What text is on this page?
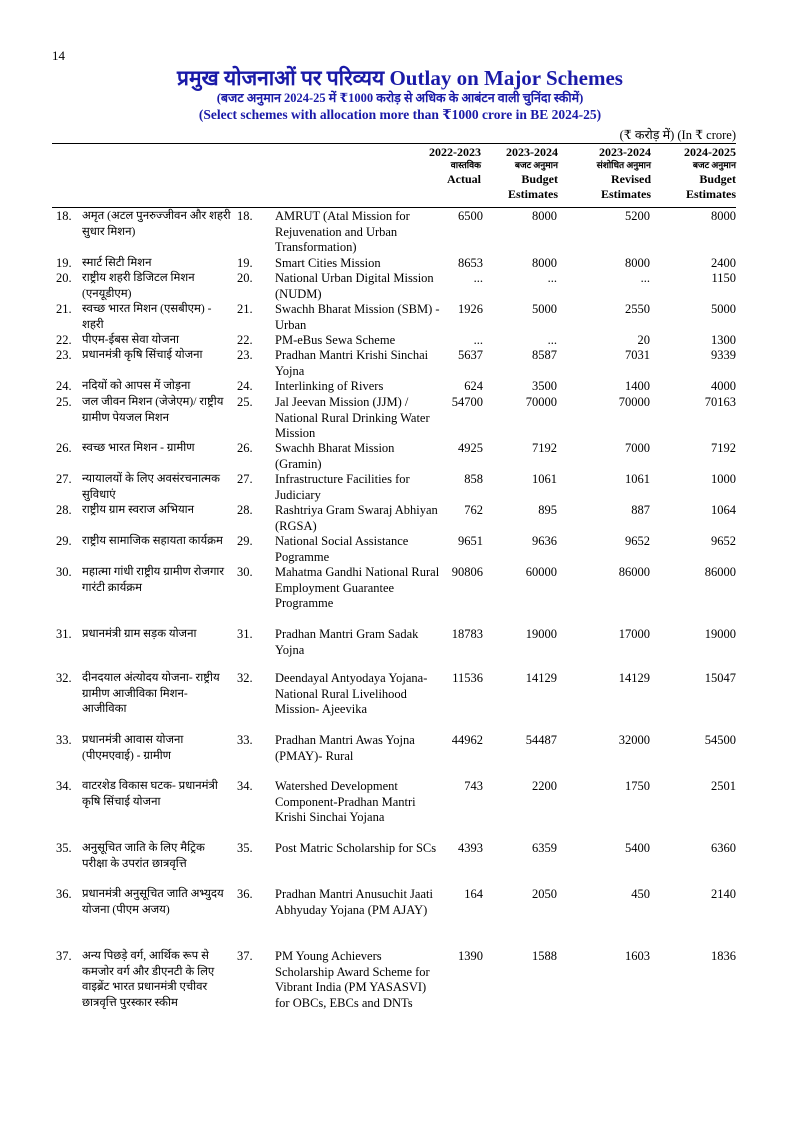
14
प्रमुख योजनाओं पर परिव्यय Outlay on Major Schemes
(बजट अनुमान 2024-25 में ₹1000 करोड़ से अधिक के आबंटन वाली चुनिंदा स्कीमें)
(Select schemes with allocation more than ₹1000 crore in BE 2024-25)
(₹ करोड़ में) (In ₹ crore)
2022-2023
वास्तविक
Actual
2023-2024
बजट अनुमान
Budget Estimates
2023-2024
संशोधित अनुमान
Revised Estimates
2024-2025
बजट अनुमान
Budget Estimates
18. अमृत (अटल पुनरुज्जीवन और शहरी सुधार मिशन)
18. AMRUT (Atal Mission for Rejuvenation and Urban Transformation)
6500	8000	5200	8000
19. स्मार्ट सिटी मिशन	19. Smart Cities Mission	8653	8000	8000	2400
20. राष्ट्रीय शहरी डिजिटल मिशन (एनयूडीएम)
20. National Urban Digital Mission (NUDM)
...	...	...	1150
21. स्वच्छ भारत मिशन (एसबीएम) - शहरी
21. Swachh Bharat Mission (SBM) - Urban
1926	5000	2550	5000
22. पीएम-ईबस सेवा योजना	22. PM-eBus Sewa Scheme	...	...	20	1300
23. प्रधानमंत्री कृषि सिंचाई योजना	23. Pradhan Mantri Krishi Sinchai Yojna
5637	8587	7031	9339
24. नदियों को आपस में जोड़ना	24. Interlinking of Rivers	624	3500	1400	4000
25. जल जीवन मिशन (जेजेएम)/ राष्ट्रीय ग्रामीण पेयजल मिशन
25. Jal Jeevan Mission (JJM) / National Rural Drinking Water Mission
54700	70000	70000	70163
26. स्वच्छ भारत मिशन - ग्रामीण	26. Swachh Bharat Mission (Gramin)
4925	7192	7000	7192
27. न्यायालयों के लिए अवसंरचनात्मक सुविधाएं
27. Infrastructure Facilities for Judiciary
858	1061	1061	1000
28. राष्ट्रीय ग्राम स्वराज अभियान	28. Rashtriya Gram Swaraj Abhiyan (RGSA)
762	895	887	1064
29. राष्ट्रीय सामाजिक सहायता कार्यक्रम	29. National Social Assistance Pogramme
9651	9636	9652	9652
30. महात्मा गांधी राष्ट्रीय ग्रामीण रोजगार गारंटी क्रार्यक्रम
30. Mahatma Gandhi National Rural Employment Guarantee Programme
90806	60000	86000	86000
31. प्रधानमंत्री ग्राम सड़क योजना	31. Pradhan Mantri Gram Sadak Yojna
18783	19000	17000	19000
32. दीनदयाल अंत्योदय योजना- राष्ट्रीय ग्रामीण आजीविका मिशन-आजीविका
32. Deendayal Antyodaya Yojana-National Rural Livelihood Mission- Ajeevika
11536	14129	14129	15047
33. प्रधानमंत्री आवास योजना (पीएमएवाई) - ग्रामीण
33. Pradhan Mantri Awas Yojna (PMAY)- Rural
44962	54487	32000	54500
34. वाटरशेड विकास घटक- प्रधानमंत्री कृषि सिंचाई योजना
34. Watershed Development Component-Pradhan Mantri Krishi Sinchai Yojana
743	2200	1750	2501
35. अनुसूचित जाति के लिए मैट्रिक परीक्षा के उपरांत छात्रवृत्ति
35. Post Matric Scholarship for SCs	4393	6359	5400	6360
36. प्रधानमंत्री अनुसूचित जाति अभ्युदय योजना (पीएम अजय)
36. Pradhan Mantri Anusuchit Jaati Abhyuday Yojana (PM AJAY)
164	2050	450	2140
37. अन्य पिछड़े वर्ग, आर्थिक रूप से कमजोर वर्ग और डीएनटी के लिए वाइब्रेंट भारत प्रधानमंत्री एचीवर छात्रवृत्ति पुरस्कार स्कीम
37. PM Young Achievers Scholarship Award Scheme for Vibrant India (PM YASASVI) for OBCs, EBCs and DNTs
1390	1588	1603	1836
